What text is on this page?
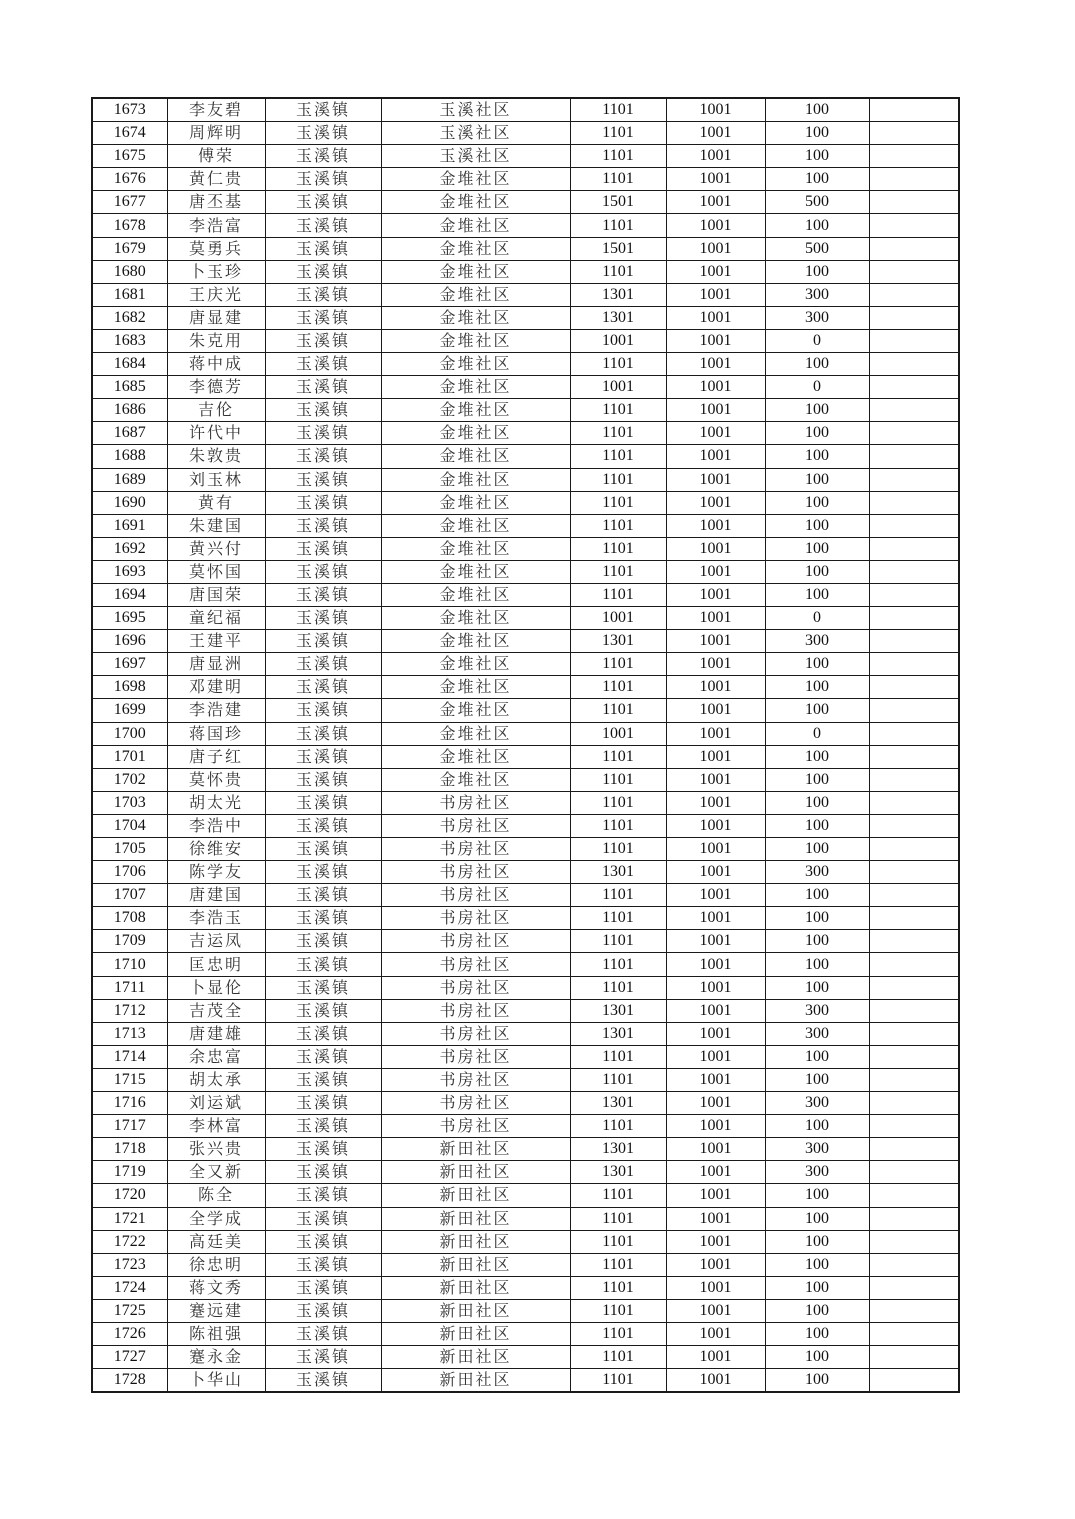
1673	李友碧	玉溪镇	玉溪社区	1101	1001	100	
1674	周辉明	玉溪镇	玉溪社区	1101	1001	100	
1675	傅荣	玉溪镇	玉溪社区	1101	1001	100	
1676	黄仁贵	玉溪镇	金堆社区	1101	1001	100	
1677	唐丕基	玉溪镇	金堆社区	1501	1001	500	
1678	李浩富	玉溪镇	金堆社区	1101	1001	100	
1679	莫勇兵	玉溪镇	金堆社区	1501	1001	500	
1680	卜玉珍	玉溪镇	金堆社区	1101	1001	100	
1681	王庆光	玉溪镇	金堆社区	1301	1001	300	
1682	唐显建	玉溪镇	金堆社区	1301	1001	300	
1683	朱克用	玉溪镇	金堆社区	1001	1001	0	
1684	蒋中成	玉溪镇	金堆社区	1101	1001	100	
1685	李德芳	玉溪镇	金堆社区	1001	1001	0	
1686	吉伦	玉溪镇	金堆社区	1101	1001	100	
1687	许代中	玉溪镇	金堆社区	1101	1001	100	
1688	朱敦贵	玉溪镇	金堆社区	1101	1001	100	
1689	刘玉林	玉溪镇	金堆社区	1101	1001	100	
1690	黄有	玉溪镇	金堆社区	1101	1001	100	
1691	朱建国	玉溪镇	金堆社区	1101	1001	100	
1692	黄兴付	玉溪镇	金堆社区	1101	1001	100	
1693	莫怀国	玉溪镇	金堆社区	1101	1001	100	
1694	唐国荣	玉溪镇	金堆社区	1101	1001	100	
1695	童纪福	玉溪镇	金堆社区	1001	1001	0	
1696	王建平	玉溪镇	金堆社区	1301	1001	300	
1697	唐显洲	玉溪镇	金堆社区	1101	1001	100	
1698	邓建明	玉溪镇	金堆社区	1101	1001	100	
1699	李浩建	玉溪镇	金堆社区	1101	1001	100	
1700	蒋国珍	玉溪镇	金堆社区	1001	1001	0	
1701	唐子红	玉溪镇	金堆社区	1101	1001	100	
1702	莫怀贵	玉溪镇	金堆社区	1101	1001	100	
1703	胡太光	玉溪镇	书房社区	1101	1001	100	
1704	李浩中	玉溪镇	书房社区	1101	1001	100	
1705	徐维安	玉溪镇	书房社区	1101	1001	100	
1706	陈学友	玉溪镇	书房社区	1301	1001	300	
1707	唐建国	玉溪镇	书房社区	1101	1001	100	
1708	李浩玉	玉溪镇	书房社区	1101	1001	100	
1709	吉运凤	玉溪镇	书房社区	1101	1001	100	
1710	匡忠明	玉溪镇	书房社区	1101	1001	100	
1711	卜显伦	玉溪镇	书房社区	1101	1001	100	
1712	吉茂全	玉溪镇	书房社区	1301	1001	300	
1713	唐建雄	玉溪镇	书房社区	1301	1001	300	
1714	余忠富	玉溪镇	书房社区	1101	1001	100	
1715	胡太承	玉溪镇	书房社区	1101	1001	100	
1716	刘运斌	玉溪镇	书房社区	1301	1001	300	
1717	李林富	玉溪镇	书房社区	1101	1001	100	
1718	张兴贵	玉溪镇	新田社区	1301	1001	300	
1719	全又新	玉溪镇	新田社区	1301	1001	300	
1720	陈全	玉溪镇	新田社区	1101	1001	100	
1721	全学成	玉溪镇	新田社区	1101	1001	100	
1722	高廷美	玉溪镇	新田社区	1101	1001	100	
1723	徐忠明	玉溪镇	新田社区	1101	1001	100	
1724	蒋文秀	玉溪镇	新田社区	1101	1001	100	
1725	蹇远建	玉溪镇	新田社区	1101	1001	100	
1726	陈祖强	玉溪镇	新田社区	1101	1001	100	
1727	蹇永金	玉溪镇	新田社区	1101	1001	100	
1728	卜华山	玉溪镇	新田社区	1101	1001	100	
